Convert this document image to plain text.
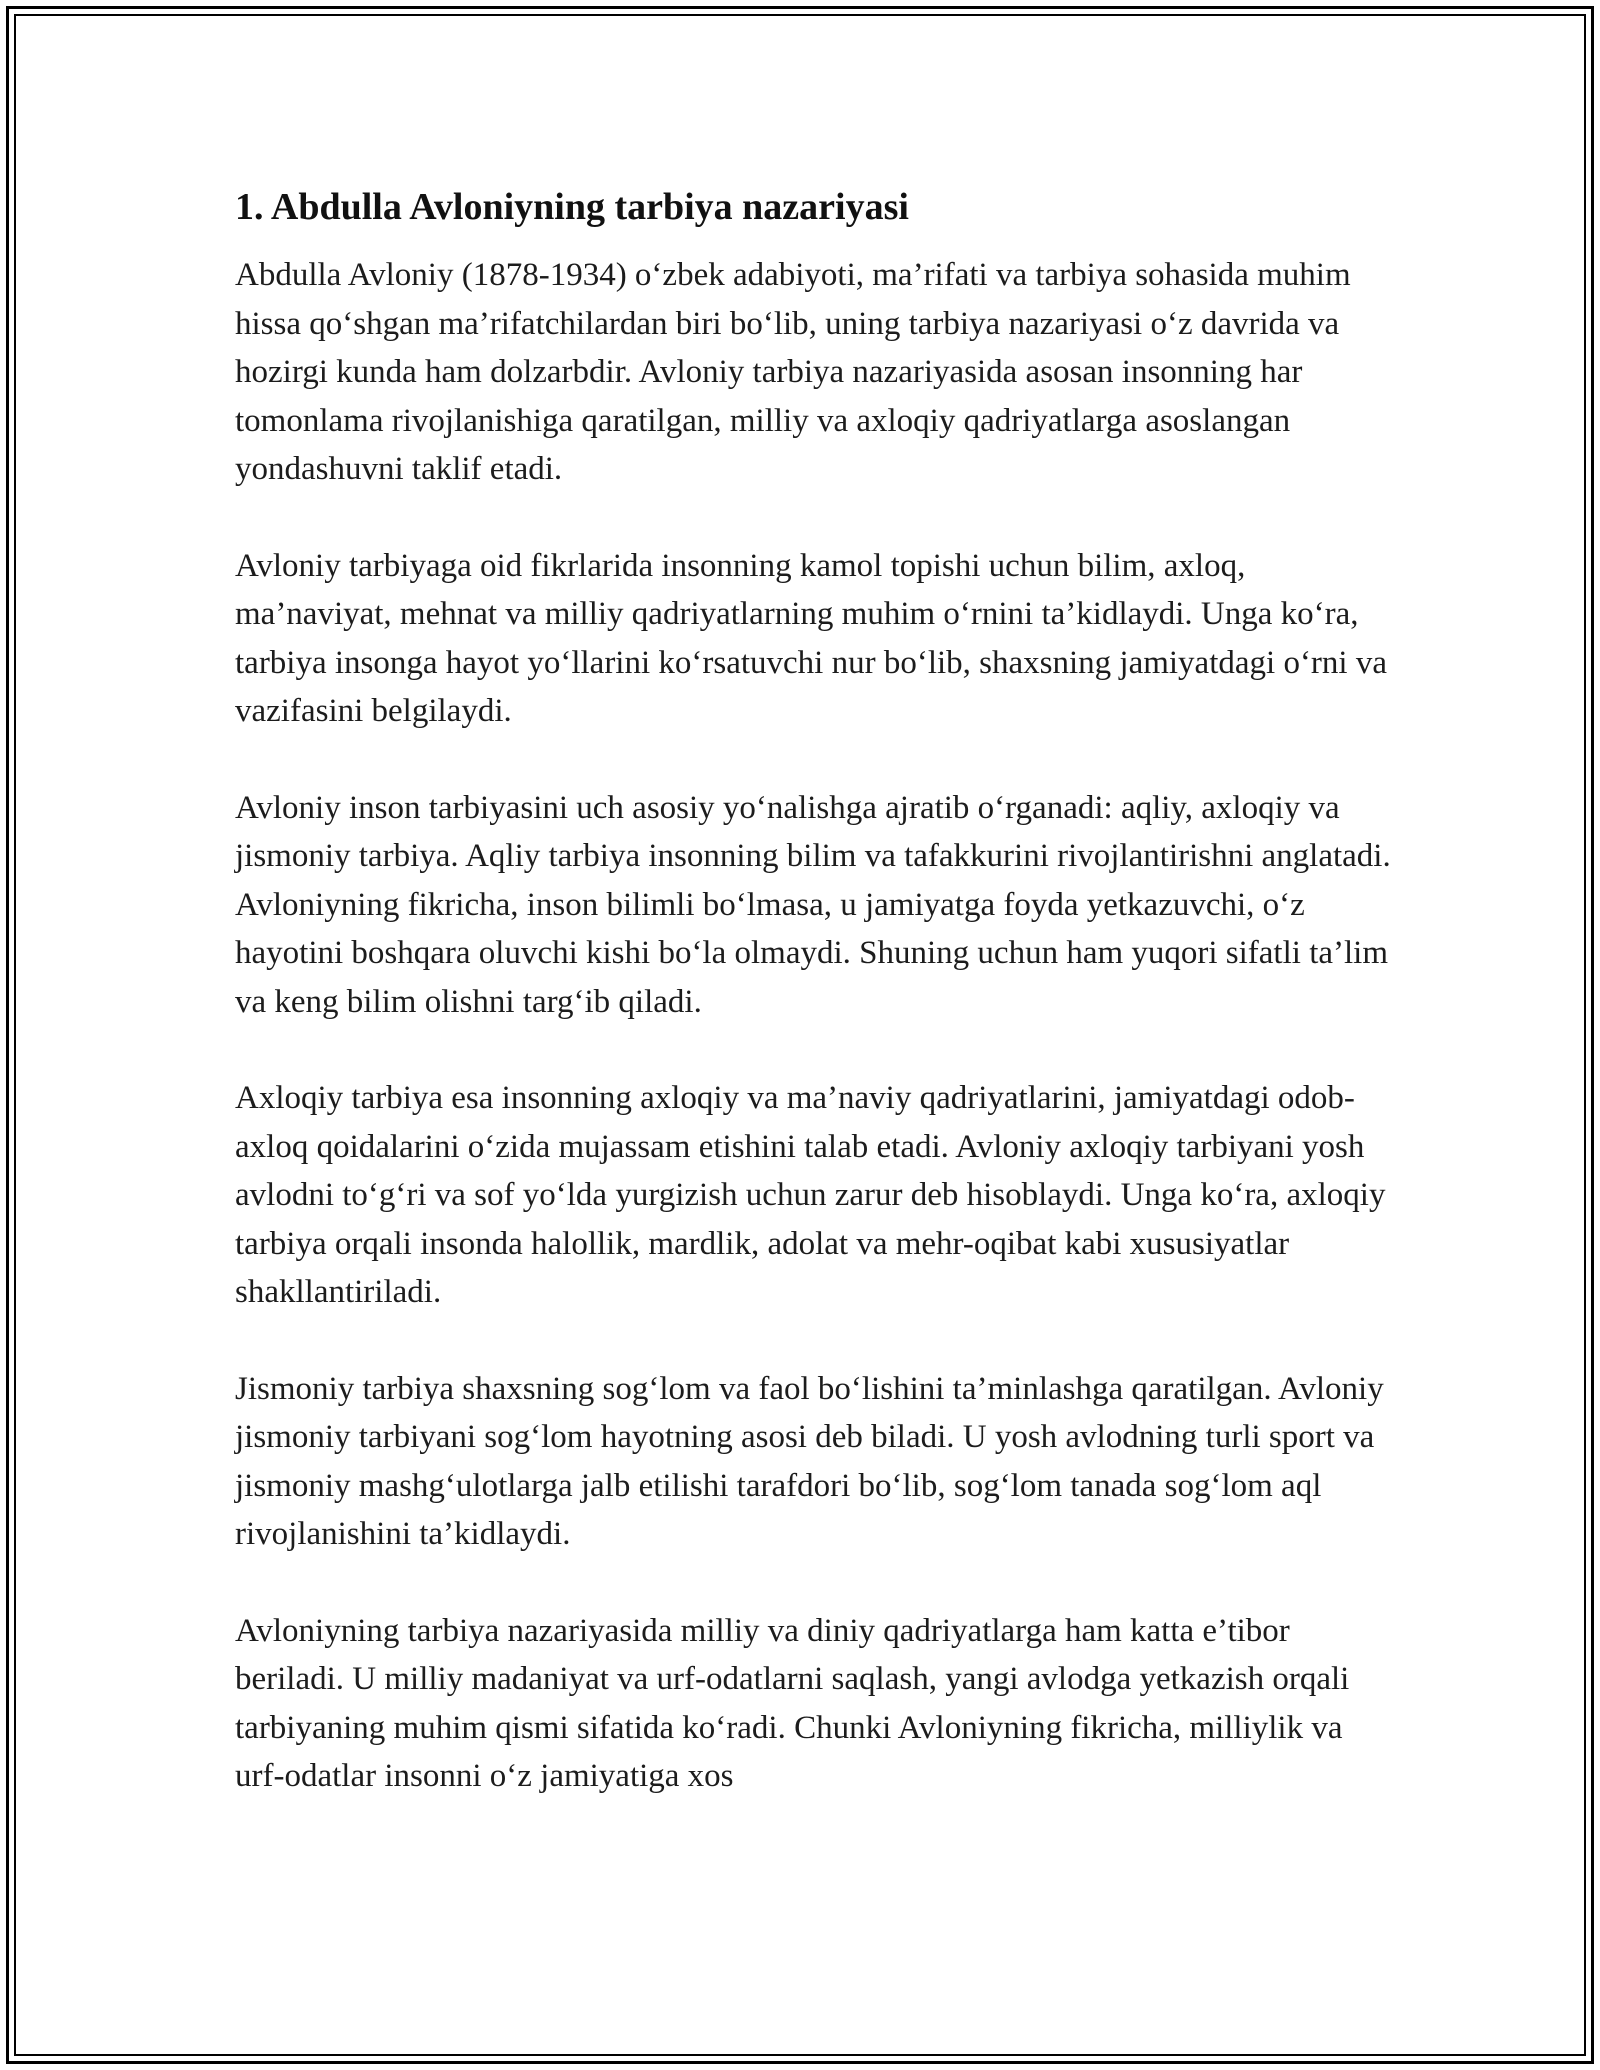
1. Abdulla Avloniyning tarbiya nazariyasi

Abdulla Avloniy (1878-1934) o‘zbek adabiyoti, ma’rifati va tarbiya sohasida muhim hissa qo‘shgan ma’rifatchilardan biri bo‘lib, uning tarbiya nazariyasi o‘z davrida va hozirgi kunda ham dolzarbdir. Avloniy tarbiya nazariyasida asosan insonning har tomonlama rivojlanishiga qaratilgan, milliy va axloqiy qadriyatlarga asoslangan yondashuvni taklif etadi.

Avloniy tarbiyaga oid fikrlarida insonning kamol topishi uchun bilim, axloq, ma’naviyat, mehnat va milliy qadriyatlarning muhim o‘rnini ta’kidlaydi. Unga ko‘ra, tarbiya insonga hayot yo‘llarini ko‘rsatuvchi nur bo‘lib, shaxsning jamiyatdagi o‘rni va vazifasini belgilaydi.

Avloniy inson tarbiyasini uch asosiy yo‘nalishga ajratib o‘rganadi: aqliy, axloqiy va jismoniy tarbiya. Aqliy tarbiya insonning bilim va tafakkurini rivojlantirishni anglatadi. Avloniyning fikricha, inson bilimli bo‘lmasa, u jamiyatga foyda yetkazuvchi, o‘z hayotini boshqara oluvchi kishi bo‘la olmaydi. Shuning uchun ham yuqori sifatli ta’lim va keng bilim olishni targ‘ib qiladi.

Axloqiy tarbiya esa insonning axloqiy va ma’naviy qadriyatlarini, jamiyatdagi odob-axloq qoidalarini o‘zida mujassam etishini talab etadi. Avloniy axloqiy tarbiyani yosh avlodni to‘g‘ri va sof yo‘lda yurgizish uchun zarur deb hisoblaydi. Unga ko‘ra, axloqiy tarbiya orqali insonda halollik, mardlik, adolat va mehr-oqibat kabi xususiyatlar shakllantiriladi.

Jismoniy tarbiya shaxsning sog‘lom va faol bo‘lishini ta’minlashga qaratilgan. Avloniy jismoniy tarbiyani sog‘lom hayotning asosi deb biladi. U yosh avlodning turli sport va jismoniy mashg‘ulotlarga jalb etilishi tarafdori bo‘lib, sog‘lom tanada sog‘lom aql rivojlanishini ta’kidlaydi.

Avloniyning tarbiya nazariyasida milliy va diniy qadriyatlarga ham katta e’tibor beriladi. U milliy madaniyat va urf-odatlarni saqlash, yangi avlodga yetkazish orqali tarbiyaning muhim qismi sifatida ko‘radi. Chunki Avloniyning fikricha, milliylik va urf-odatlar insonni o‘z jamiyatiga xos
